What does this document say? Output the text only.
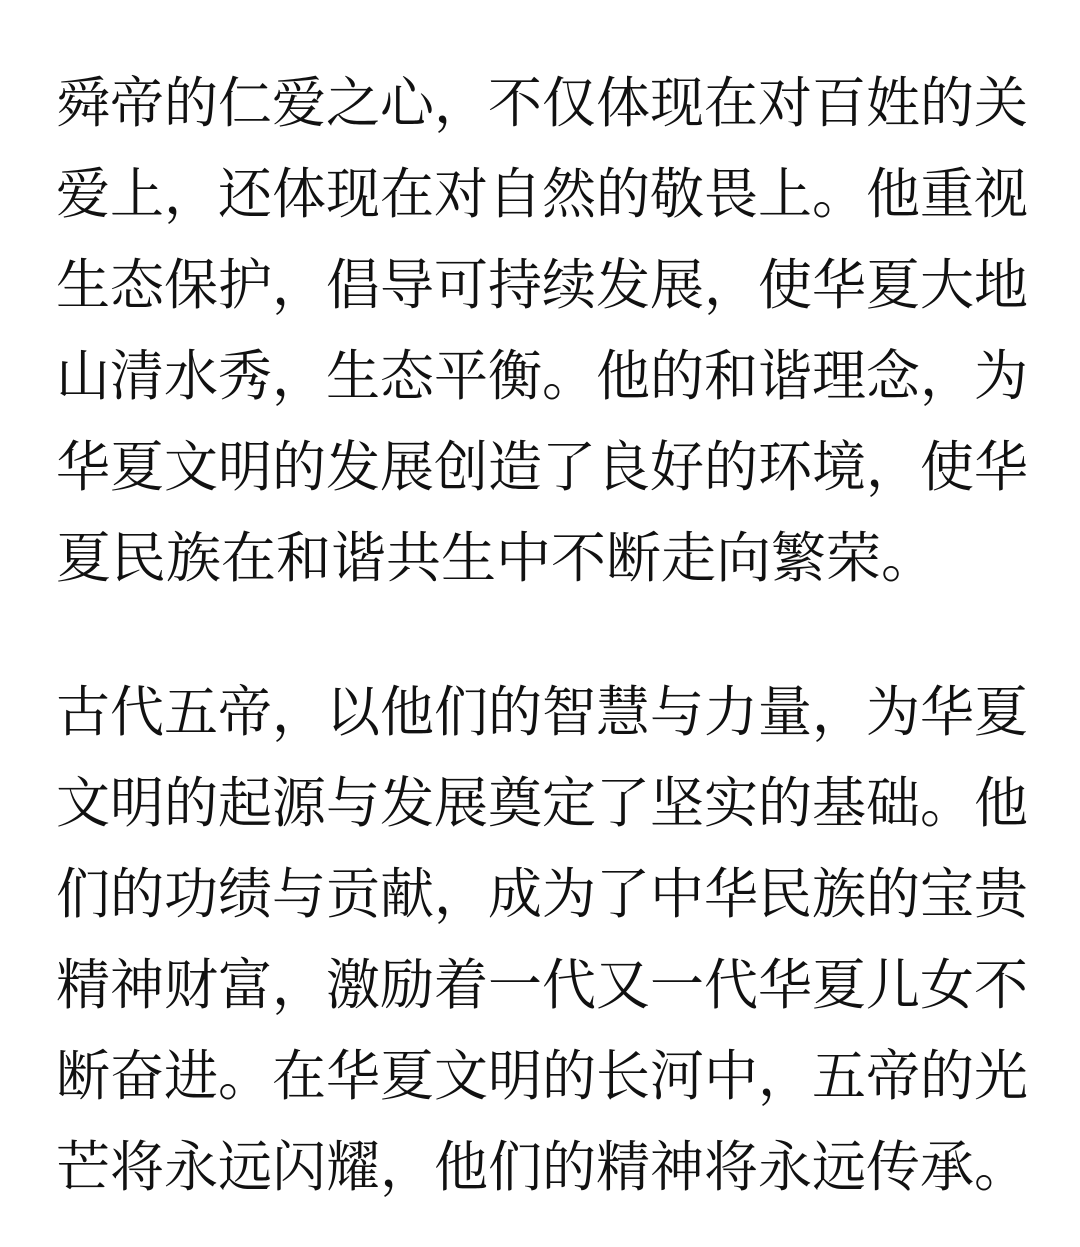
舜帝的仁爱之心，不仅体现在对百姓的关
爱上，还体现在对自然的敬畏上。他重视
生态保护，倡导可持续发展，使华夏大地
山清水秀，生态平衡。他的和谐理念，为
华夏文明的发展创造了良好的环境，使华
夏民族在和谐共生中不断走向繁荣。
古代五帝，以他们的智慧与力量，为华夏
文明的起源与发展奠定了坚实的基础。他
们的功绩与贡献，成为了中华民族的宝贵
精神财富，激励着一代又一代华夏儿女不
断奋进。在华夏文明的长河中，五帝的光
芒将永远闪耀，他们的精神将永远传承。
